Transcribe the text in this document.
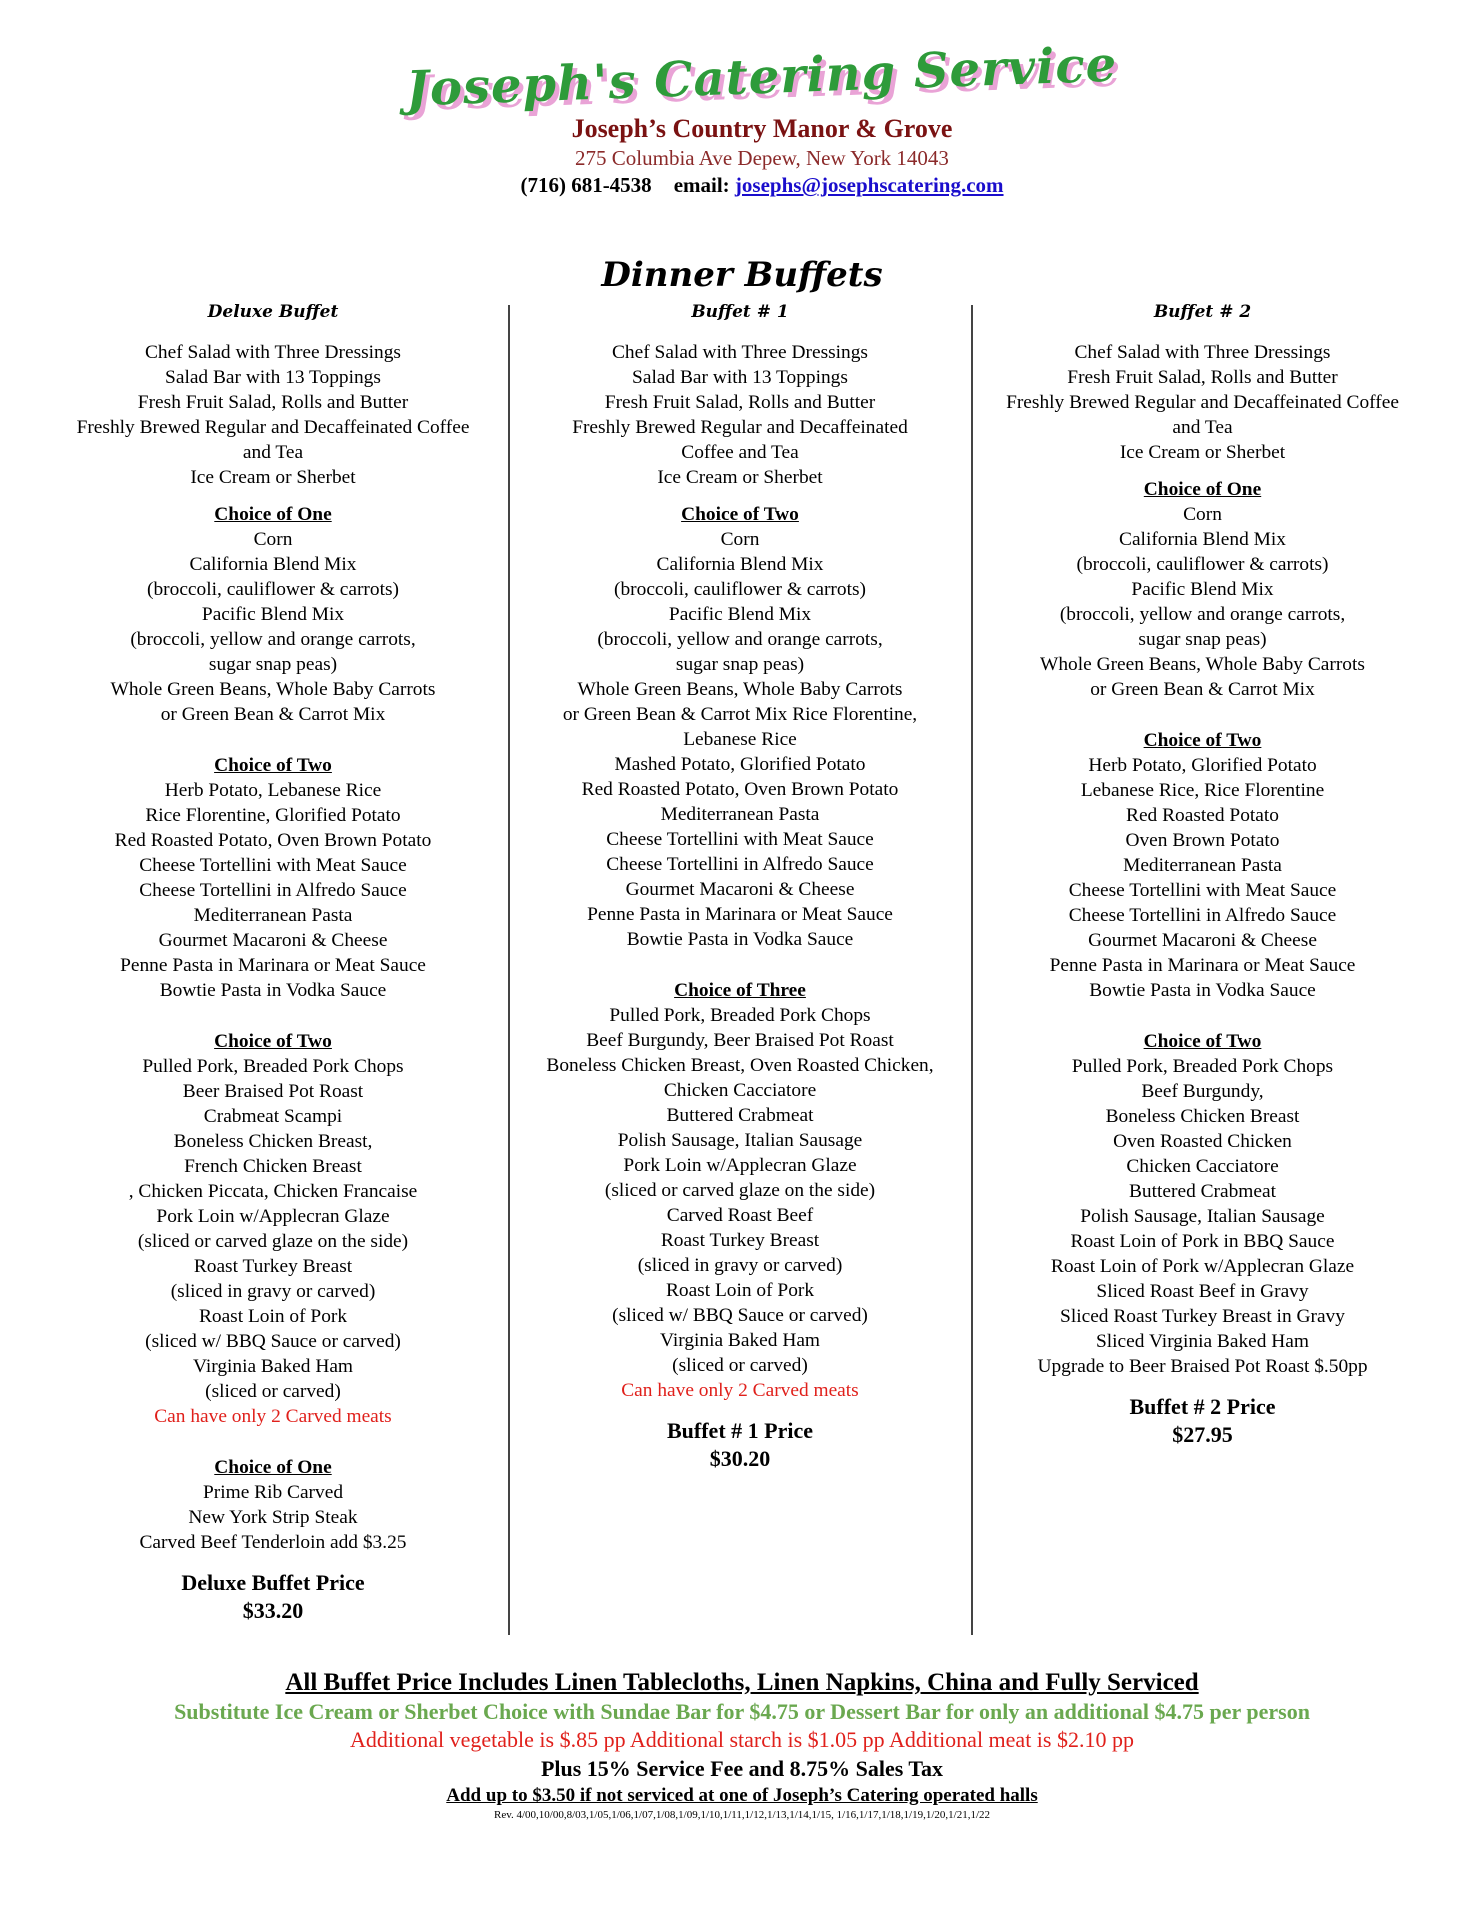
Joseph's Catering Service
Joseph’s Country Manor & Grove
275 Columbia Ave Depew, New York 14043
(716) 681-4538 email: josephs@josephscatering.com
Dinner Buffets
Deluxe Buffet
Chef Salad with Three Dressings
Salad Bar with 13 Toppings
Fresh Fruit Salad, Rolls and Butter
Freshly Brewed Regular and Decaffeinated Coffee
and Tea
Ice Cream or Sherbet
Choice of One
Corn
California Blend Mix
(broccoli, cauliflower & carrots)
Pacific Blend Mix
(broccoli, yellow and orange carrots,
sugar snap peas)
Whole Green Beans, Whole Baby Carrots
or Green Bean & Carrot Mix
Choice of Two
Herb Potato, Lebanese Rice
Rice Florentine, Glorified Potato
Red Roasted Potato, Oven Brown Potato
Cheese Tortellini with Meat Sauce
Cheese Tortellini in Alfredo Sauce
Mediterranean Pasta
Gourmet Macaroni & Cheese
Penne Pasta in Marinara or Meat Sauce
Bowtie Pasta in Vodka Sauce
Choice of Two
Pulled Pork, Breaded Pork Chops
Beer Braised Pot Roast
Crabmeat Scampi
Boneless Chicken Breast,
French Chicken Breast
, Chicken Piccata, Chicken Francaise
Pork Loin w/Applecran Glaze
(sliced or carved glaze on the side)
Roast Turkey Breast
(sliced in gravy or carved)
Roast Loin of Pork
(sliced w/ BBQ Sauce or carved)
Virginia Baked Ham
(sliced or carved)
Can have only 2 Carved meats
Choice of One
Prime Rib Carved
New York Strip Steak
Carved Beef Tenderloin add $3.25
Deluxe Buffet Price
$33.20
Buffet # 1
Chef Salad with Three Dressings
Salad Bar with 13 Toppings
Fresh Fruit Salad, Rolls and Butter
Freshly Brewed Regular and Decaffeinated
Coffee and Tea
Ice Cream or Sherbet
Choice of Two
Corn
California Blend Mix
(broccoli, cauliflower & carrots)
Pacific Blend Mix
(broccoli, yellow and orange carrots,
sugar snap peas)
Whole Green Beans, Whole Baby Carrots
or Green Bean & Carrot Mix Rice Florentine,
Lebanese Rice
Mashed Potato, Glorified Potato
Red Roasted Potato, Oven Brown Potato
Mediterranean Pasta
Cheese Tortellini with Meat Sauce
Cheese Tortellini in Alfredo Sauce
Gourmet Macaroni & Cheese
Penne Pasta in Marinara or Meat Sauce
Bowtie Pasta in Vodka Sauce
Choice of Three
Pulled Pork, Breaded Pork Chops
Beef Burgundy, Beer Braised Pot Roast
Boneless Chicken Breast, Oven Roasted Chicken,
Chicken Cacciatore
Buttered Crabmeat
Polish Sausage, Italian Sausage
Pork Loin w/Applecran Glaze
(sliced or carved glaze on the side)
Carved Roast Beef
Roast Turkey Breast
(sliced in gravy or carved)
Roast Loin of Pork
(sliced w/ BBQ Sauce or carved)
Virginia Baked Ham
(sliced or carved)
Can have only 2 Carved meats
Buffet # 1 Price
$30.20
Buffet # 2
Chef Salad with Three Dressings
Fresh Fruit Salad, Rolls and Butter
Freshly Brewed Regular and Decaffeinated Coffee
and Tea
Ice Cream or Sherbet
Choice of One
Corn
California Blend Mix
(broccoli, cauliflower & carrots)
Pacific Blend Mix
(broccoli, yellow and orange carrots,
sugar snap peas)
Whole Green Beans, Whole Baby Carrots
or Green Bean & Carrot Mix
Choice of Two
Herb Potato, Glorified Potato
Lebanese Rice, Rice Florentine
Red Roasted Potato
Oven Brown Potato
Mediterranean Pasta
Cheese Tortellini with Meat Sauce
Cheese Tortellini in Alfredo Sauce
Gourmet Macaroni & Cheese
Penne Pasta in Marinara or Meat Sauce
Bowtie Pasta in Vodka Sauce
Choice of Two
Pulled Pork, Breaded Pork Chops
Beef Burgundy,
Boneless Chicken Breast
Oven Roasted Chicken
Chicken Cacciatore
Buttered Crabmeat
Polish Sausage, Italian Sausage
Roast Loin of Pork in BBQ Sauce
Roast Loin of Pork w/Applecran Glaze
Sliced Roast Beef in Gravy
Sliced Roast Turkey Breast in Gravy
Sliced Virginia Baked Ham
Upgrade to Beer Braised Pot Roast $.50pp
Buffet # 2 Price
$27.95
All Buffet Price Includes Linen Tablecloths, Linen Napkins, China and Fully Serviced
Substitute Ice Cream or Sherbet Choice with Sundae Bar for $4.75 or Dessert Bar for only an additional $4.75 per person
Additional vegetable is $.85 pp Additional starch is $1.05 pp Additional meat is $2.10 pp
Plus 15% Service Fee and 8.75% Sales Tax
Add up to $3.50 if not serviced at one of Joseph’s Catering operated halls
Rev. 4/00,10/00,8/03,1/05,1/06,1/07,1/08,1/09,1/10,1/11,1/12,1/13,1/14,1/15, 1/16,1/17,1/18,1/19,1/20,1/21,1/22
